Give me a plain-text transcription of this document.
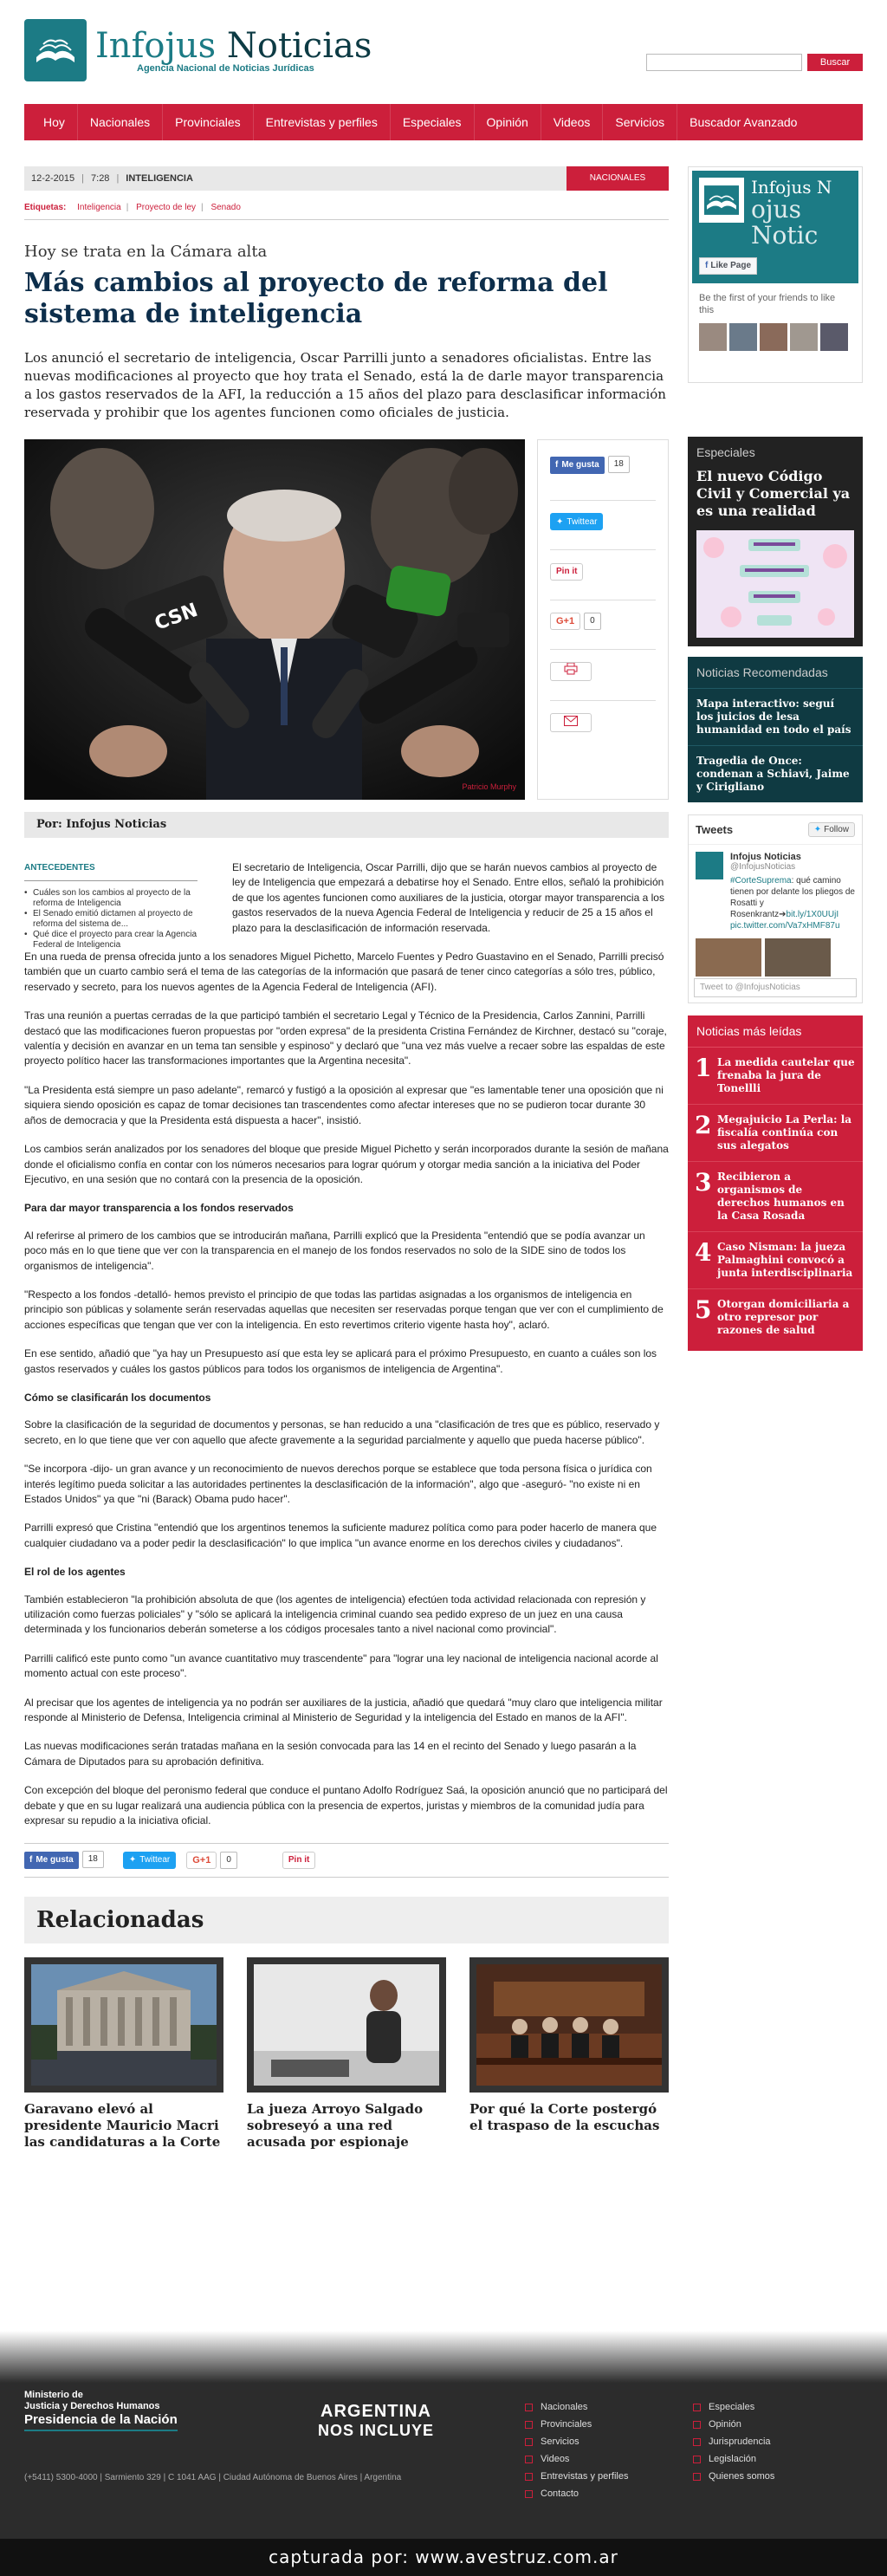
Infojus Noticias
Agencia Nacional de Noticias Jurídicas
Buscar
Hoy	Nacionales	Provinciales	Entrevistas y perfiles	Especiales	Opinión	Videos	Servicios	Buscador Avanzado
12-2-2015 | 7:28 | INTELIGENCIA	NACIONALES
Etiquetas: Inteligencia | Proyecto de ley | Senado
Hoy se trata en la Cámara alta
Más cambios al proyecto de reforma del sistema de inteligencia

Los anunció el secretario de inteligencia, Oscar Parrilli junto a senadores oficialistas. Entre las nuevas modificaciones al proyecto que hoy trata el Senado, está la de darle mayor transparencia a los gastos reservados de la AFI, la reducción a 15 años del plazo para desclasificar información reservada y prohibir que los agentes funcionen como oficiales de justicia.

CSN
Patricio Murphy
f Me gusta 18
✦ Twittear
Pin it
G+1 0
Por: Infojus Noticias
ANTECEDENTES
• Cuáles son los cambios al proyecto de la reforma de Inteligencia
• El Senado emitió dictamen al proyecto de reforma del sistema de...
• Qué dice el proyecto para crear la Agencia Federal de Inteligencia

El secretario de Inteligencia, Oscar Parrilli, dijo que se harán nuevos cambios al proyecto de ley de Inteligencia que empezará a debatirse hoy el Senado. Entre ellos, señaló la prohibición de que los agentes funcionen como auxiliares de la justicia, otorgar mayor transparencia a los gastos reservados de la nueva Agencia Federal de Inteligencia y reducir de 25 a 15 años el plazo para la desclasificación de información reservada.

En una rueda de prensa ofrecida junto a los senadores Miguel Pichetto, Marcelo Fuentes y Pedro Guastavino en el Senado, Parrilli precisó también que un cuarto cambio será el tema de las categorías de la información que pasará de tener cinco categorías a sólo tres, público, reservado y secreto, para los nuevos agentes de la Agencia Federal de Inteligencia (AFI).

Tras una reunión a puertas cerradas de la que participó también el secretario Legal y Técnico de la Presidencia, Carlos Zannini, Parrilli destacó que las modificaciones fueron propuestas por "orden expresa" de la presidenta Cristina Fernández de Kirchner, destacó su "coraje, valentía y decisión en avanzar en un tema tan sensible y espinoso" y declaró que "una vez más vuelve a recaer sobre las espaldas de este proyecto político hacer las transformaciones importantes que la Argentina necesita".

"La Presidenta está siempre un paso adelante", remarcó y fustigó a la oposición al expresar que "es lamentable tener una oposición que ni siquiera siendo oposición es capaz de tomar decisiones tan trascendentes como afectar intereses que no se pudieron tocar durante 30 años de democracia y que la Presidenta está dispuesta a hacer", insistió.

Los cambios serán analizados por los senadores del bloque que preside Miguel Pichetto y serán incorporados durante la sesión de mañana donde el oficialismo confía en contar con los números necesarios para lograr quórum y otorgar media sanción a la iniciativa del Poder Ejecutivo, en una sesión que no contará con la presencia de la oposición.

Para dar mayor transparencia a los fondos reservados

Al referirse al primero de los cambios que se introducirán mañana, Parrilli explicó que la Presidenta "entendió que se podía avanzar un poco más en lo que tiene que ver con la transparencia en el manejo de los fondos reservados no solo de la SIDE sino de todos los organismos de inteligencia".

"Respecto a los fondos -detalló- hemos previsto el principio de que todas las partidas asignadas a los organismos de inteligencia en principio son públicas y solamente serán reservadas aquellas que necesiten ser reservadas porque tengan que ver con el cumplimiento de acciones específicas que tengan que ver con la inteligencia. En esto revertimos criterio vigente hasta hoy", aclaró.

En ese sentido, añadió que "ya hay un Presupuesto así que esta ley se aplicará para el próximo Presupuesto, en cuanto a cuáles son los gastos reservados y cuáles los gastos públicos para todos los organismos de inteligencia de Argentina".

Cómo se clasificarán los documentos

Sobre la clasificación de la seguridad de documentos y personas, se han reducido a una "clasificación de tres que es público, reservado y secreto, en lo que tiene que ver con aquello que afecte gravemente a la seguridad parcialmente y aquello que pueda hacerse público".

"Se incorpora -dijo- un gran avance y un reconocimiento de nuevos derechos porque se establece que toda persona física o jurídica con interés legítimo pueda solicitar a las autoridades pertinentes la desclasificación de la información", algo que -aseguró- "no existe ni en Estados Unidos" ya que "ni (Barack) Obama pudo hacer".

Parrilli expresó que Cristina "entendió que los argentinos tenemos la suficiente madurez política como para poder hacerlo de manera que cualquier ciudadano va a poder pedir la desclasificación" lo que implica "un avance enorme en los derechos civiles y ciudadanos".

El rol de los agentes

También establecieron "la prohibición absoluta de que (los agentes de inteligencia) efectúen toda actividad relacionada con represión y utilización como fuerzas policiales" y "sólo se aplicará la inteligencia criminal cuando sea pedido expreso de un juez en una causa determinada y los funcionarios deberán someterse a los códigos procesales tanto a nivel nacional como provincial".

Parrilli calificó este punto como "un avance cuantitativo muy trascendente" para "lograr una ley nacional de inteligencia nacional acorde al momento actual con este proceso".

Al precisar que los agentes de inteligencia ya no podrán ser auxiliares de la justicia, añadió que quedará "muy claro que inteligencia militar responde al Ministerio de Defensa, Inteligencia criminal al Ministerio de Seguridad y la inteligencia del Estado en manos de la AFI".

Las nuevas modificaciones serán tratadas mañana en la sesión convocada para las 14 en el recinto del Senado y luego pasarán a la Cámara de Diputados para su aprobación definitiva.

Con excepción del bloque del peronismo federal que conduce el puntano Adolfo Rodríguez Saá, la oposición anunció que no participará del debate y que en su lugar realizará una audiencia pública con la presencia de expertos, juristas y miembros de la comunidad judía para expresar su repudio a la iniciativa oficial.

f Me gusta 18	✦ Twittear	G+1 0	Pin it
Relacionadas
Garavano elevó al presidente Mauricio Macri las candidaturas a la Corte
La jueza Arroyo Salgado sobreseyó a una red acusada por espionaje
Por qué la Corte postergó el traspaso de la escuchas
Infojus N
ojus Notic
f Like Page
Be the first of your friends to like this
Especiales
El nuevo Código Civil y Comercial ya es una realidad
Noticias Recomendadas
Mapa interactivo: seguí los juicios de lesa humanidad en todo el país
Tragedia de Once: condenan a Schiavi, Jaime y Cirigliano
Tweets	✦ Follow
Infojus Noticias
@InfojusNoticias
#CorteSuprema: qué camino tienen por delante los pliegos de Rosatti y Rosenkrantz➔bit.ly/1X0UUjI pic.twitter.com/Va7xHMF87u
Tweet to @InfojusNoticias
Noticias más leídas
1 La medida cautelar que frenaba la jura de Tonellli
2 Megajuicio La Perla: la fiscalía continúa con sus alegatos
3 Recibieron a organismos de derechos humanos en la Casa Rosada
4 Caso Nisman: la jueza Palmaghini convocó a junta interdisciplinaria
5 Otorgan domiciliaria a otro represor por razones de salud
Ministerio de
Justicia y Derechos Humanos
Presidencia de la Nación	ARGENTINA
NOS INCLUYE
(+5411) 5300-4000 | Sarmiento 329 | C 1041 AAG | Ciudad Autónoma de Buenos Aires | Argentina
Nacionales
Provinciales
Servicios
Videos
Entrevistas y perfiles
Contacto
Especiales
Opinión
Jurisprudencia
Legislación
Quienes somos
capturada por: www.avestruz.com.ar
